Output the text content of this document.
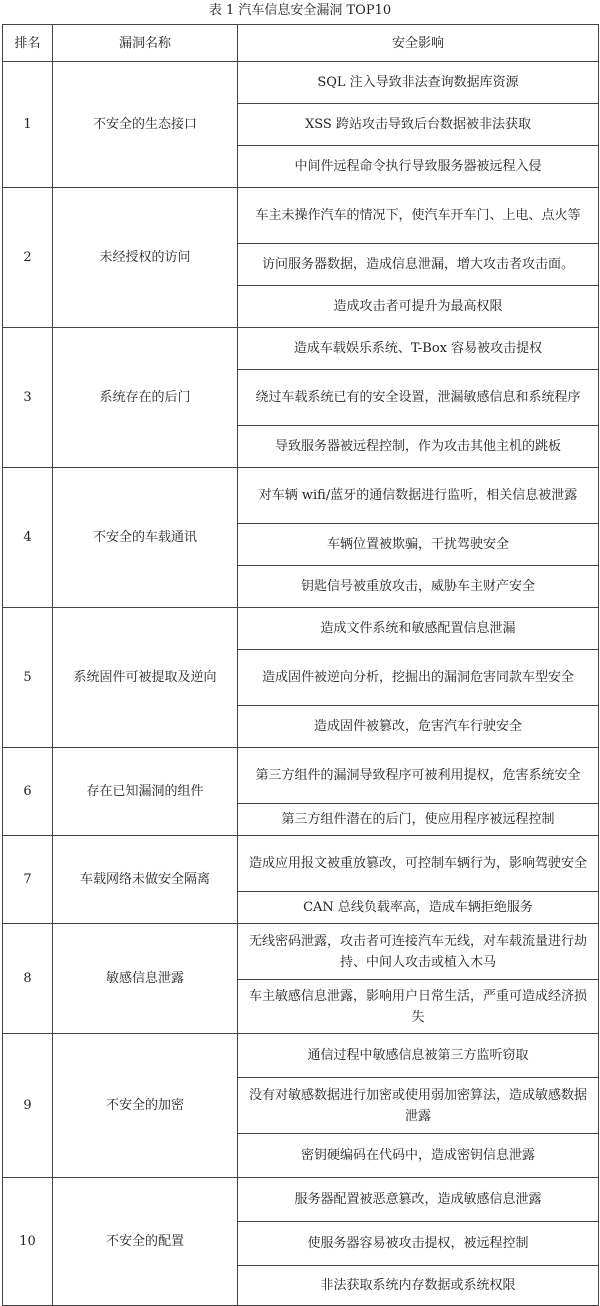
表 1 汽车信息安全漏洞 TOP10
排名	漏洞名称	安全影响
1	不安全的生态接口	SQL 注入导致非法查询数据库资源
		XSS 跨站攻击导致后台数据被非法获取
		中间件远程命令执行导致服务器被远程入侵
2	未经授权的访问	车主未操作汽车的情况下，使汽车开车门、上电、点火等
		访问服务器数据，造成信息泄漏，增大攻击者攻击面。
		造成攻击者可提升为最高权限
3	系统存在的后门	造成车载娱乐系统、T-Box 容易被攻击提权
		绕过车载系统已有的安全设置，泄漏敏感信息和系统程序
		导致服务器被远程控制，作为攻击其他主机的跳板
4	不安全的车载通讯	对车辆 wifi/蓝牙的通信数据进行监听，相关信息被泄露
		车辆位置被欺骗，干扰驾驶安全
		钥匙信号被重放攻击，威胁车主财产安全
5	系统固件可被提取及逆向	造成文件系统和敏感配置信息泄漏
		造成固件被逆向分析，挖掘出的漏洞危害同款车型安全
		造成固件被篡改，危害汽车行驶安全
6	存在已知漏洞的组件	第三方组件的漏洞导致程序可被利用提权，危害系统安全
		第三方组件潜在的后门，使应用程序被远程控制
7	车载网络未做安全隔离	造成应用报文被重放篡改，可控制车辆行为，影响驾驶安全
		CAN 总线负载率高，造成车辆拒绝服务
8	敏感信息泄露	无线密码泄露，攻击者可连接汽车无线，对车载流量进行劫持、中间人攻击或植入木马
		车主敏感信息泄露，影响用户日常生活，严重可造成经济损失
9	不安全的加密	通信过程中敏感信息被第三方监听窃取
		没有对敏感数据进行加密或使用弱加密算法，造成敏感数据泄露
		密钥硬编码在代码中，造成密钥信息泄露
10	不安全的配置	服务器配置被恶意篡改，造成敏感信息泄露
		使服务器容易被攻击提权，被远程控制
		非法获取系统内存数据或系统权限
